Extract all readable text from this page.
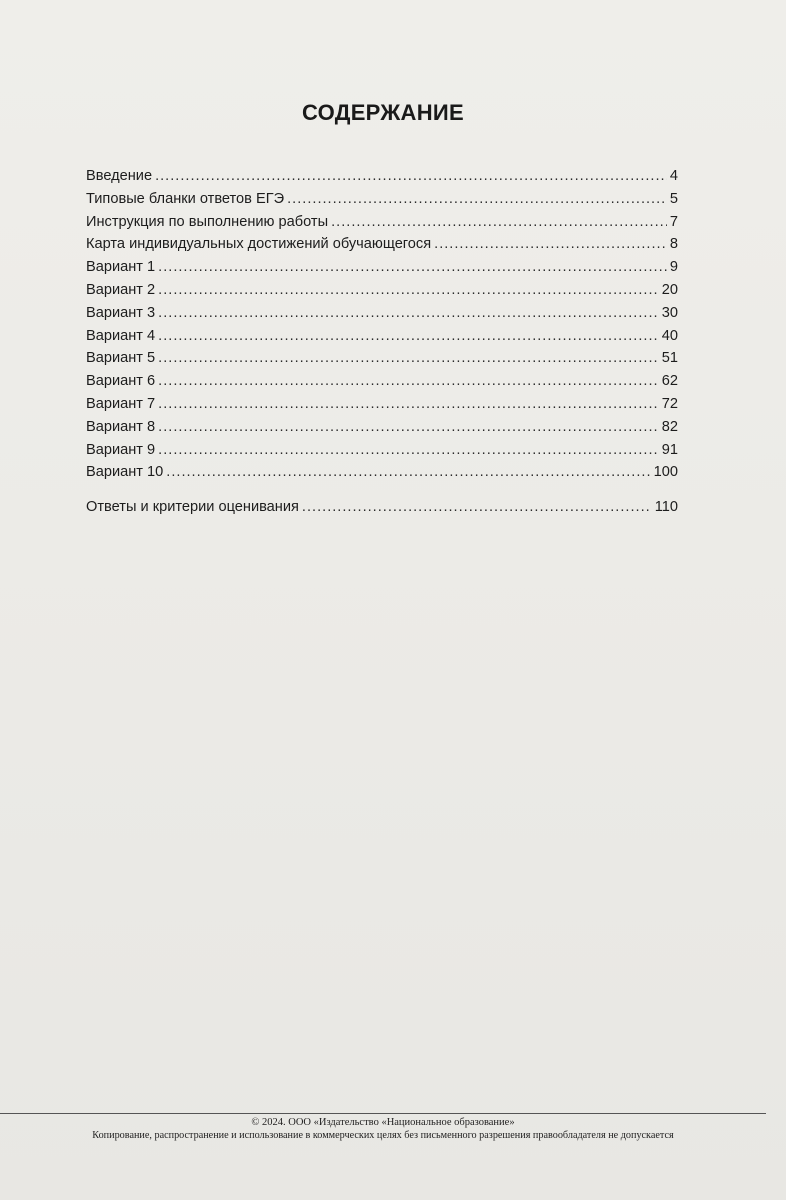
СОДЕРЖАНИЕ
Введение .....	4
Типовые бланки ответов ЕГЭ .....	5
Инструкция по выполнению работы .....	7
Карта индивидуальных достижений обучающегося .....	8
Вариант 1 .....	9
Вариант 2 .....	20
Вариант 3 .....	30
Вариант 4 .....	40
Вариант 5 .....	51
Вариант 6 .....	62
Вариант 7 .....	72
Вариант 8 .....	82
Вариант 9 .....	91
Вариант 10 .....	100
Ответы и критерии оценивания .....	110
© 2024. ООО «Издательство «Национальное образование»
Копирование, распространение и использование в коммерческих целях без письменного разрешения правообладателя не допускается
